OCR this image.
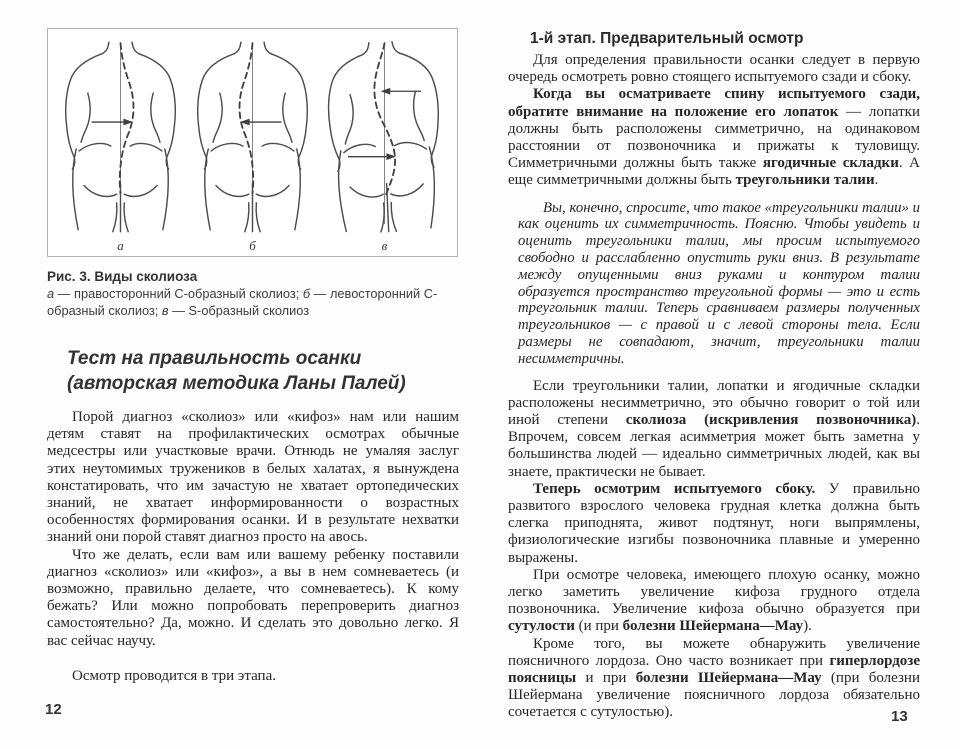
а	б	в
Рис. 3. Виды сколиоза
а — правосторонний С-образный сколиоз; б — левосторонний С-образный сколиоз; в — S-образный сколиоз
Тест на правильность осанки
(авторская методика Ланы Палей)

Порой диагноз «сколиоз» или «кифоз» нам или нашим детям ставят на профилактических осмотрах обычные медсестры или участковые врачи. Отнюдь не умаляя заслуг этих неутомимых тружеников в белых халатах, я вынуждена констатировать, что им зачастую не хватает ортопедических знаний, не хватает информированности о возрастных особенностях формирования осанки. И в результате нехватки знаний они порой ставят диагноз просто на авось.

Что же делать, если вам или вашему ребенку поставили диагноз «сколиоз» или «кифоз», а вы в нем сомневаетесь (и возможно, правильно делаете, что сомневаетесь). К кому бежать? Или можно попробовать перепроверить диагноз самостоятельно? Да, можно. И сделать это довольно легко. Я вас сейчас научу.

Осмотр проводится в три этапа.

1-й этап. Предварительный осмотр

Для определения правильности осанки следует в первую очередь осмотреть ровно стоящего испытуемого сзади и сбоку.

Когда вы осматриваете спину испытуемого сзади, обратите внимание на положение его лопаток — лопатки должны быть расположены симметрично, на одинаковом расстоянии от позвоночника и прижаты к туловищу. Симметричными должны быть также ягодичные складки. А еще симметричными должны быть треугольники талии.

Вы, конечно, спросите, что такое «треугольники талии» и как оценить их симметричность. Поясню. Чтобы увидеть и оценить треугольники талии, мы просим испытуемого свободно и расслабленно опустить руки вниз. В результате между опущенными вниз руками и контуром талии образуется пространство треугольной формы — это и есть треугольник талии. Теперь сравниваем размеры полученных треугольников — с правой и с левой стороны тела. Если размеры не совпадают, значит, треугольники талии несимметричны.

Если треугольники талии, лопатки и ягодичные складки расположены несимметрично, это обычно говорит о той или иной степени сколиоза (искривления позвоночника). Впрочем, совсем легкая асимметрия может быть заметна у большинства людей — идеально симметричных людей, как вы знаете, практически не бывает.

Теперь осмотрим испытуемого сбоку. У правильно развитого взрослого человека грудная клетка должна быть слегка приподнята, живот подтянут, ноги выпрямлены, физиологические изгибы позвоночника плавные и умеренно выражены.

При осмотре человека, имеющего плохую осанку, можно легко заметить увеличение кифоза грудного отдела позвоночника. Увеличение кифоза обычно образуется при сутулости (и при болезни Шейермана—Мау).

Кроме того, вы можете обнаружить увеличение поясничного лордоза. Оно часто возникает при гиперлордозе поясницы и при болезни Шейермана—Мау (при болезни Шейермана увеличение поясничного лордоза обязательно сочетается с сутулостью).

12	13
